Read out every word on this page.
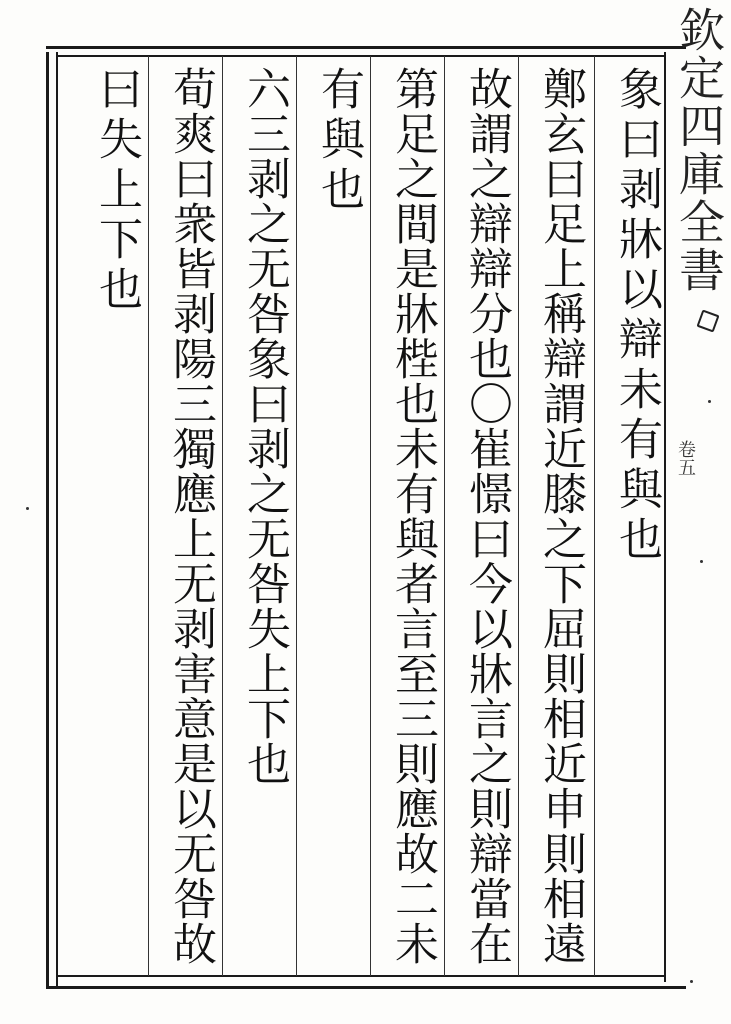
欽定四庫全書
卷五
象曰剥牀以辯未有與也
鄭玄曰足上稱辯謂近膝之下屈則相近申則相遠
故謂之辯辯分也〇崔憬曰今以牀言之則辯當在
第足之間是牀梐也未有與者言至三則應故二未
有與也
六三剥之无咎象曰剥之无咎失上下也
荀爽曰衆皆剥陽三獨應上无剥害意是以无咎故
曰失上下也
